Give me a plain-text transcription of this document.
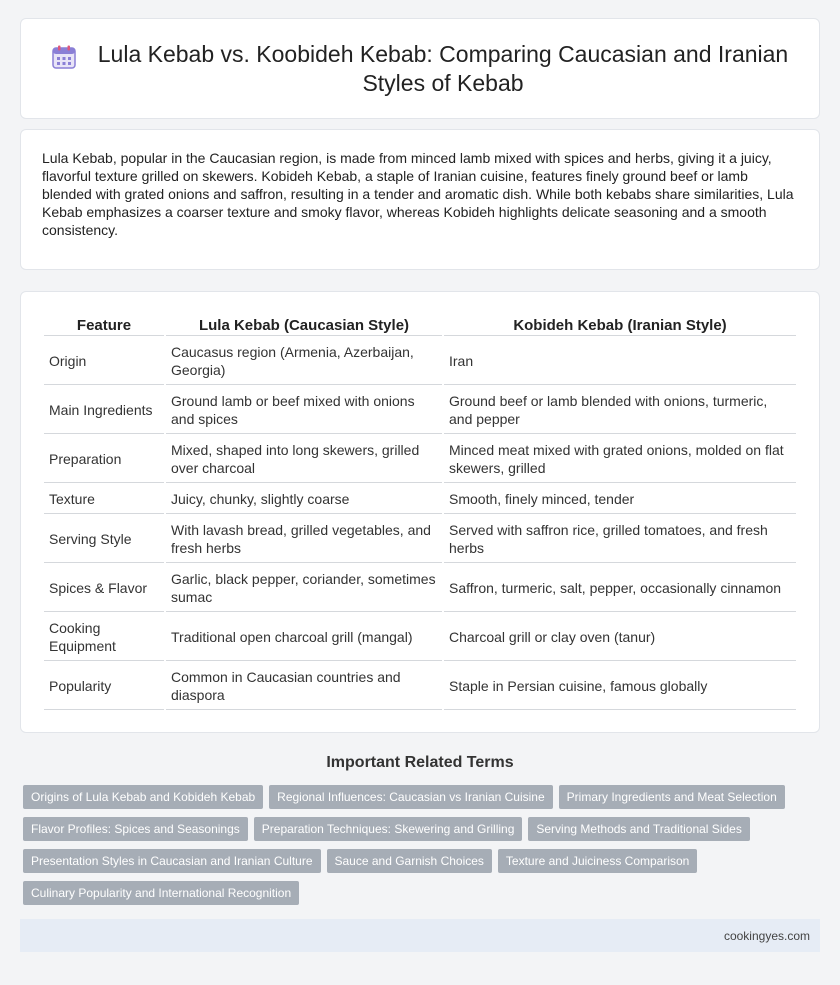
Lula Kebab vs. Koobideh Kebab: Comparing Caucasian and Iranian Styles of Kebab

Lula Kebab, popular in the Caucasian region, is made from minced lamb mixed with spices and herbs, giving it a juicy, flavorful texture grilled on skewers. Kobideh Kebab, a staple of Iranian cuisine, features finely ground beef or lamb blended with grated onions and saffron, resulting in a tender and aromatic dish. While both kebabs share similarities, Lula Kebab emphasizes a coarser texture and smoky flavor, whereas Kobideh highlights delicate seasoning and a smooth consistency.

Feature	Lula Kebab (Caucasian Style)	Kobideh Kebab (Iranian Style)
Origin	Caucasus region (Armenia, Azerbaijan, Georgia)	Iran
Main Ingredients	Ground lamb or beef mixed with onions and spices	Ground beef or lamb blended with onions, turmeric, and pepper
Preparation	Mixed, shaped into long skewers, grilled over charcoal	Minced meat mixed with grated onions, molded on flat skewers, grilled
Texture	Juicy, chunky, slightly coarse	Smooth, finely minced, tender
Serving Style	With lavash bread, grilled vegetables, and fresh herbs	Served with saffron rice, grilled tomatoes, and fresh herbs
Spices & Flavor	Garlic, black pepper, coriander, sometimes sumac	Saffron, turmeric, salt, pepper, occasionally cinnamon
Cooking Equipment	Traditional open charcoal grill (mangal)	Charcoal grill or clay oven (tanur)
Popularity	Common in Caucasian countries and diaspora	Staple in Persian cuisine, famous globally
Important Related Terms
Origins of Lula Kebab and Kobideh Kebab	Regional Influences: Caucasian vs Iranian Cuisine	Primary Ingredients and Meat Selection
Flavor Profiles: Spices and Seasonings	Preparation Techniques: Skewering and Grilling	Serving Methods and Traditional Sides
Presentation Styles in Caucasian and Iranian Culture	Sauce and Garnish Choices	Texture and Juiciness Comparison
Culinary Popularity and International Recognition
cookingyes.com
